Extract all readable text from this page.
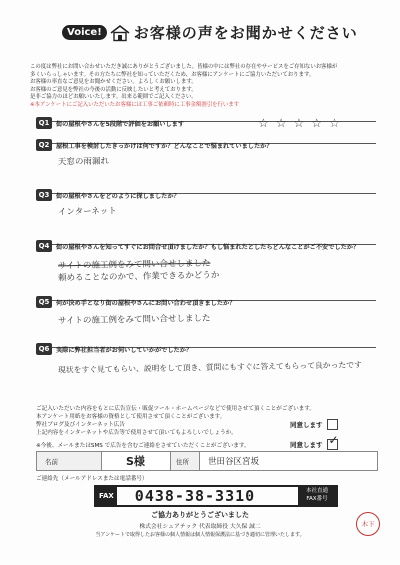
Voice!	お客様の声をお聞かせください
この度は弊社にお問い合わせいただき誠にありがとうございました。皆様の中には弊社の存在やサービスをご存知ないお客様が
多くいらっしゃいます。その方たちに弊社を知っていただくため、お客様にアンケートにご協力いただいております。
お客様の率直なご意見をお聞かせください。よろしくお願いします。
お客様のご意見を弊社の今後の活動に反映したいと考えております。
是非ご協力のほどお願いいたします。出来る範囲でご記入ください。
※本アンケートにご記入いただいたお客様には工事ご依頼時に工事金額割引を行います
Q1	街の屋根やさんを5段階で評価をお願いします	☆ ☆ ☆ ☆ ☆
Q2	屋根工事を検討したきっかけは何ですか？どんなことで悩まれていましたか？
天窓の雨漏れ
Q3	街の屋根やさんをどのように探しましたか？
インターネット
Q4	街の屋根やさんを知ってすぐにお問合せ頂けましたか？もし悩まれたとしたらどんなことがご不安でしたか？
サイトの施工例をみて問い合せしました
頼めることなのかで、作業できるかどうか
Q5	何が決め手となり街の屋根やさんにお問い合わせ頂きましたか？
サイトの施工例をみて問い合せしました
Q6	実際に弊社担当者がお伺いしていかがでしたか？
現状をすぐ見てもらい、説明をして頂き、質問にもすぐに答えてもらって良かったです
ご記入いただいた内容をもとに広告宣伝・販促ツール・ホームページなどで使用させて頂くことがございます。
本アンケート用紙をお客様の資格として使用させて頂くことがございます。
弊社ブログ及びインターネット広告
上記内容をインターネットや広告等で使用させて頂いてもよろしいでしょうか。
同意します
※今後、メールまたはSMS で広告を含むご連絡をさせていただくことがございます。	同意します ✓
名前	S様	住所 世田谷区宮坂
ご連絡先（メールアドレスまたは電話番号）
FAX 0438-38-3310	本社直通
FAX番号
ご協力ありがとうございました
株式会社シェアテック 代表取締役 大久保 誠二
当アンケートで取得したお客様の個人情報は個人情報保護法に基づき適切に管理いたします。
木下
